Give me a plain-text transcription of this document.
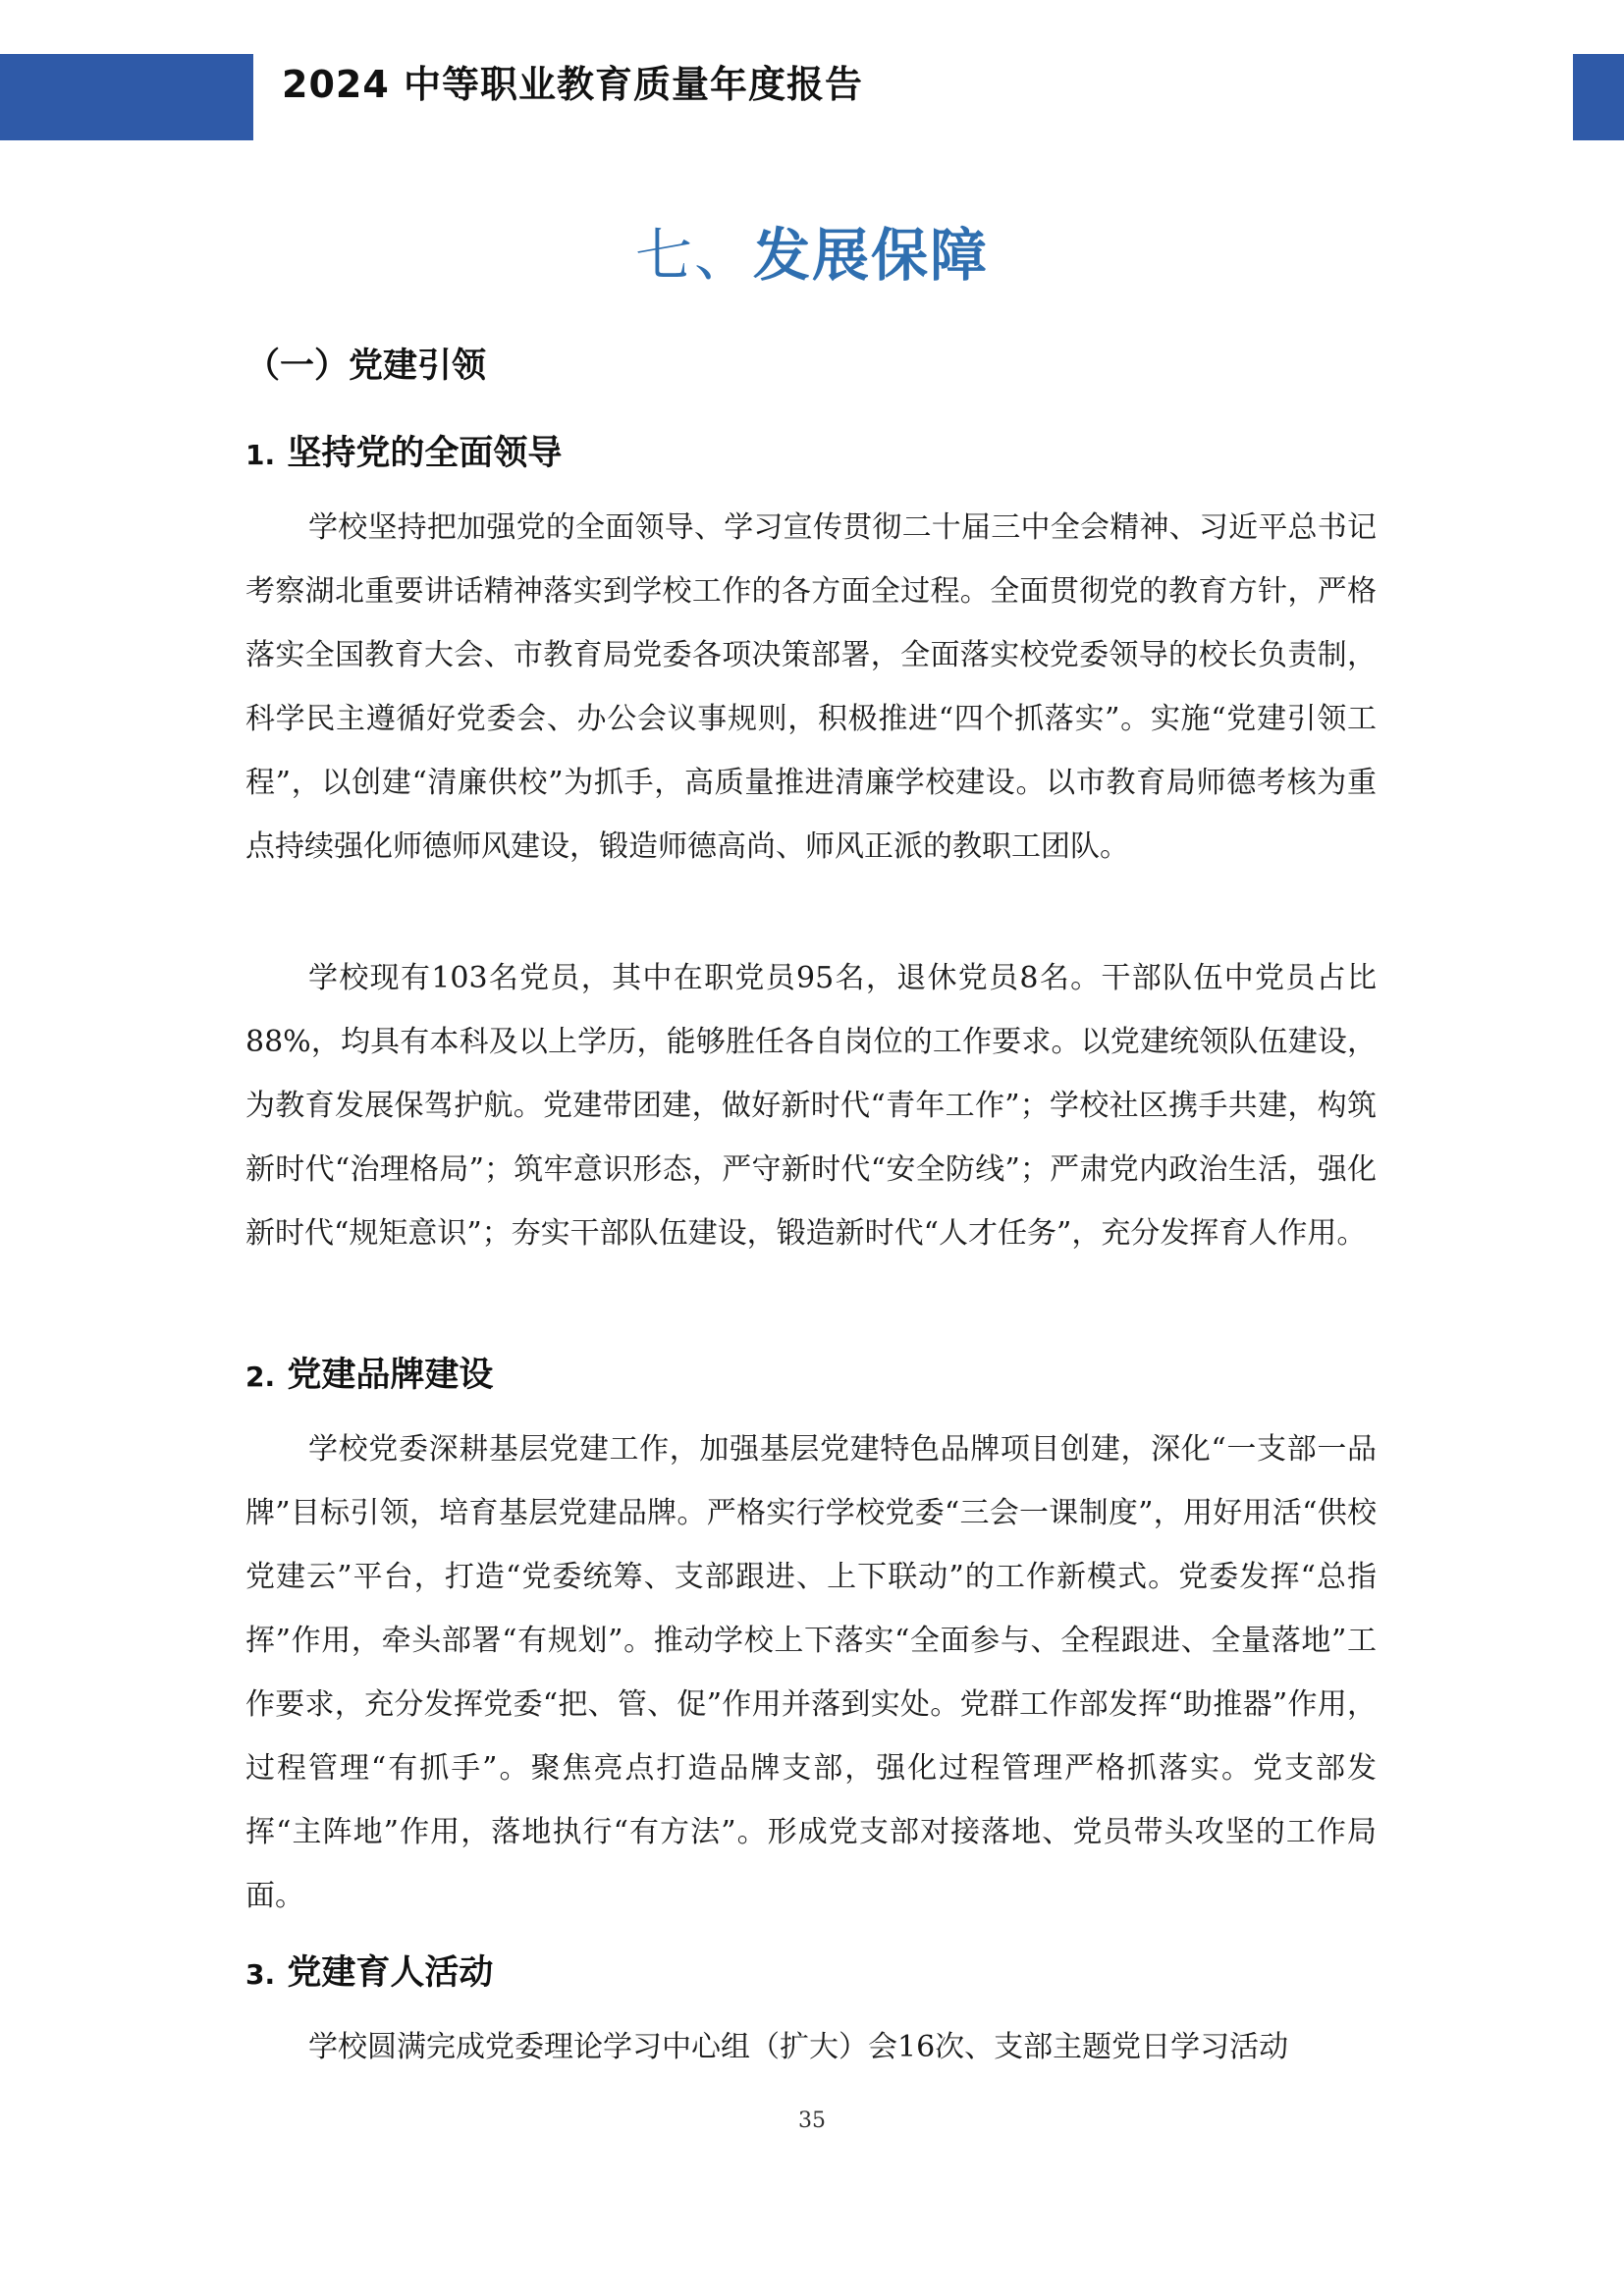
2024 中等职业教育质量年度报告
七、发展保障
（一）党建引领
1. 坚持党的全面领导

学校坚持把加强党的全面领导、学习宣传贯彻二十届三中全会精神、习近平总书记考察湖北重要讲话精神落实到学校工作的各方面全过程。全面贯彻党的教育方针，严格落实全国教育大会、市教育局党委各项决策部署，全面落实校党委领导的校长负责制，科学民主遵循好党委会、办公会议事规则，积极推进“四个抓落实”。实施“党建引领工程”，以创建“清廉供校”为抓手，高质量推进清廉学校建设。以市教育局师德考核为重点持续强化师德师风建设，锻造师德高尚、师风正派的教职工团队。

学校现有103名党员，其中在职党员95名，退休党员8名。干部队伍中党员占比88%，均具有本科及以上学历，能够胜任各自岗位的工作要求。以党建统领队伍建设，为教育发展保驾护航。党建带团建，做好新时代“青年工作”；学校社区携手共建，构筑新时代“治理格局”；筑牢意识形态，严守新时代“安全防线”；严肃党内政治生活，强化新时代“规矩意识”；夯实干部队伍建设，锻造新时代“人才任务”，充分发挥育人作用。

2. 党建品牌建设

学校党委深耕基层党建工作，加强基层党建特色品牌项目创建，深化“一支部一品牌”目标引领，培育基层党建品牌。严格实行学校党委“三会一课制度”，用好用活“供校党建云”平台，打造“党委统筹、支部跟进、上下联动”的工作新模式。党委发挥“总指挥”作用，牵头部署“有规划”。推动学校上下落实“全面参与、全程跟进、全量落地”工作要求，充分发挥党委“把、管、促”作用并落到实处。党群工作部发挥“助推器”作用，过程管理“有抓手”。聚焦亮点打造品牌支部，强化过程管理严格抓落实。党支部发挥“主阵地”作用，落地执行“有方法”。形成党支部对接落地、党员带头攻坚的工作局面。

3. 党建育人活动

学校圆满完成党委理论学习中心组（扩大）会16次、支部主题党日学习活动

35
